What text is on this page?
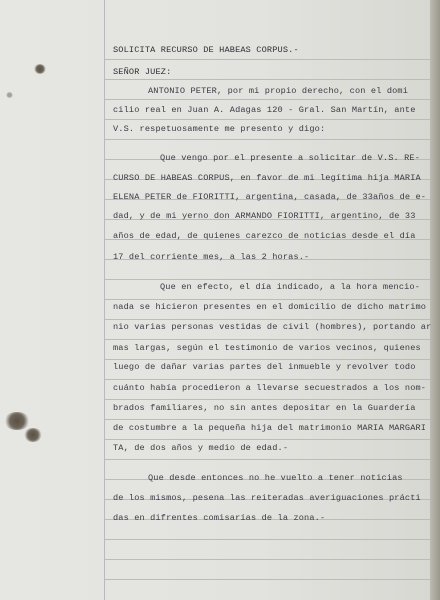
SOLICITA RECURSO DE HABEAS CORPUS.-
SEÑOR JUEZ:
ANTONIO PETER, por mi propio derecho, con el domi
cilio real en Juan A. Adagas 120 - Gral. San Martín, ante
V.S. respetuosamente me presento y digo:
Que vengo por el presente a solicitar de V.S. RE-
CURSO DE HABEAS CORPUS, en favor de mi legítima hija MARIA
ELENA PETER de FIORITTI, argentina, casada, de 33años de e-
dad, y de mi yerno don ARMANDO FIORITTI, argentino, de 33
años de edad, de quienes carezco de noticias desde el día
17 del corriente mes, a las 2 horas.-
Que en efecto, el día indicado, a la hora mencio-
nada se hicieron presentes en el domicilio de dicho matrimo
nio varias personas vestidas de civil (hombres), portando ar
mas largas, según el testimonio de varios vecinos, quienes
luego de dañar varias partes del inmueble y revolver todo
cuánto había procedieron a llevarse secuestrados a los nom-
brados familiares, no sin antes depositar en la Guardería
de costumbre a la pequeña hija del matrimonio MARIA MARGARI
TA, de dos años y medio de edad.-
Que desde entonces no he vuelto a tener noticias
de los mismos, pesena las reiteradas averiguaciones prácti
das en difrentes comisarías de la zona.-
